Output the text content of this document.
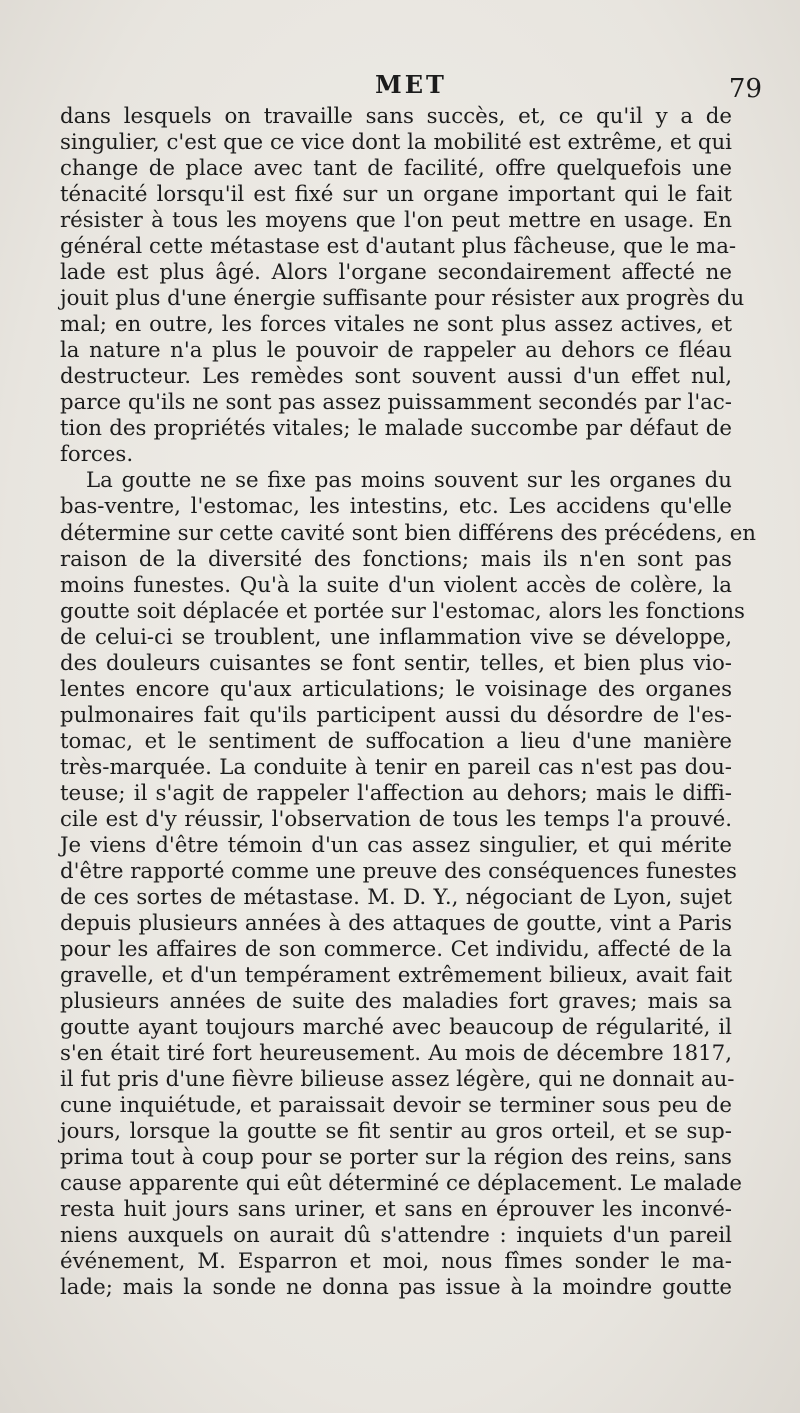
MET	79
dans lesquels on travaille sans succès, et, ce qu'il y a de
singulier, c'est que ce vice dont la mobilité est extrême, et qui
change de place avec tant de facilité, offre quelquefois une
ténacité lorsqu'il est fixé sur un organe important qui le fait
résister à tous les moyens que l'on peut mettre en usage. En
général cette métastase est d'autant plus fâcheuse, que le ma-
lade est plus âgé. Alors l'organe secondairement affecté ne
jouit plus d'une énergie suffisante pour résister aux progrès du
mal; en outre, les forces vitales ne sont plus assez actives, et
la nature n'a plus le pouvoir de rappeler au dehors ce fléau
destructeur. Les remèdes sont souvent aussi d'un effet nul,
parce qu'ils ne sont pas assez puissamment secondés par l'ac-
tion des propriétés vitales; le malade succombe par défaut de
forces.
La goutte ne se fixe pas moins souvent sur les organes du
bas-ventre, l'estomac, les intestins, etc. Les accidens qu'elle
détermine sur cette cavité sont bien différens des précédens, en
raison de la diversité des fonctions; mais ils n'en sont pas
moins funestes. Qu'à la suite d'un violent accès de colère, la
goutte soit déplacée et portée sur l'estomac, alors les fonctions
de celui-ci se troublent, une inflammation vive se développe,
des douleurs cuisantes se font sentir, telles, et bien plus vio-
lentes encore qu'aux articulations; le voisinage des organes
pulmonaires fait qu'ils participent aussi du désordre de l'es-
tomac, et le sentiment de suffocation a lieu d'une manière
très-marquée. La conduite à tenir en pareil cas n'est pas dou-
teuse; il s'agit de rappeler l'affection au dehors; mais le diffi-
cile est d'y réussir, l'observation de tous les temps l'a prouvé.
Je viens d'être témoin d'un cas assez singulier, et qui mérite
d'être rapporté comme une preuve des conséquences funestes
de ces sortes de métastase. M. D. Y., négociant de Lyon, sujet
depuis plusieurs années à des attaques de goutte, vint a Paris
pour les affaires de son commerce. Cet individu, affecté de la
gravelle, et d'un tempérament extrêmement bilieux, avait fait
plusieurs années de suite des maladies fort graves; mais sa
goutte ayant toujours marché avec beaucoup de régularité, il
s'en était tiré fort heureusement. Au mois de décembre 1817,
il fut pris d'une fièvre bilieuse assez légère, qui ne donnait au-
cune inquiétude, et paraissait devoir se terminer sous peu de
jours, lorsque la goutte se fit sentir au gros orteil, et se sup-
prima tout à coup pour se porter sur la région des reins, sans
cause apparente qui eût déterminé ce déplacement. Le malade
resta huit jours sans uriner, et sans en éprouver les inconvé-
niens auxquels on aurait dû s'attendre : inquiets d'un pareil
événement, M. Esparron et moi, nous fîmes sonder le ma-
lade; mais la sonde ne donna pas issue à la moindre goutte
